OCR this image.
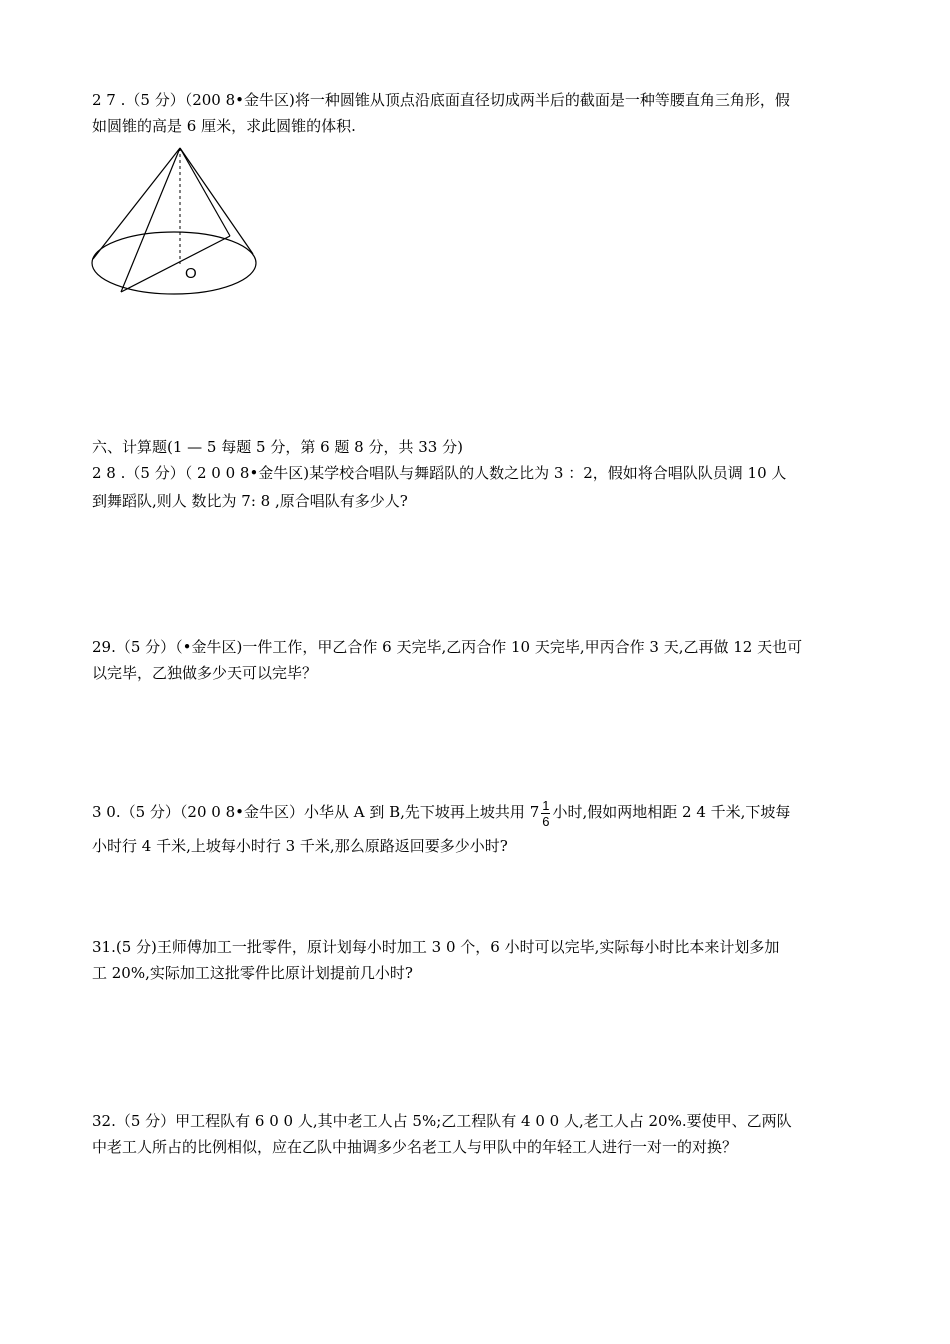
2 7 .（5 分）（200 8•金牛区)将一种圆锥从顶点沿底面直径切成两半后的截面是一种等腰直角三角形，假
如圆锥的高是 6 厘米，求此圆锥的体积.
O
六、计算题(1 — 5 每题 5 分，第 6 题 8 分，共 33 分)
2 8 .（5 分）（ 2 0 0 8•金牛区)某学校合唱队与舞蹈队的人数之比为 3 ：2，假如将合唱队队员调 10 人
到舞蹈队,则人 数比为 7: 8 ,原合唱队有多少人?
29.（5 分）（•金牛区)一件工作，甲乙合作 6 天完毕,乙丙合作 10 天完毕,甲丙合作 3 天,乙再做 12 天也可
以完毕，乙独做多少天可以完毕？
3 0.（5 分）（20 0 8•金牛区）小华从 A 到 B,先下坡再上坡共用 $7 \frac{1}{6}$ 小时,假如两地相距 2 4 千米,下坡每
小时行 4 千米,上坡每小时行 3 千米,那么原路返回要多少小时?
31.(5 分)王师傅加工一批零件，原计划每小时加工 3 0 个，6 小时可以完毕,实际每小时比本来计划多加
工 20%,实际加工这批零件比原计划提前几小时?
32.（5 分）甲工程队有 6 0 0 人,其中老工人占 5%;乙工程队有 4 0 0 人,老工人占 20%.要使甲、乙两队
中老工人所占的比例相似，应在乙队中抽调多少名老工人与甲队中的年轻工人进行一对一的对换？
